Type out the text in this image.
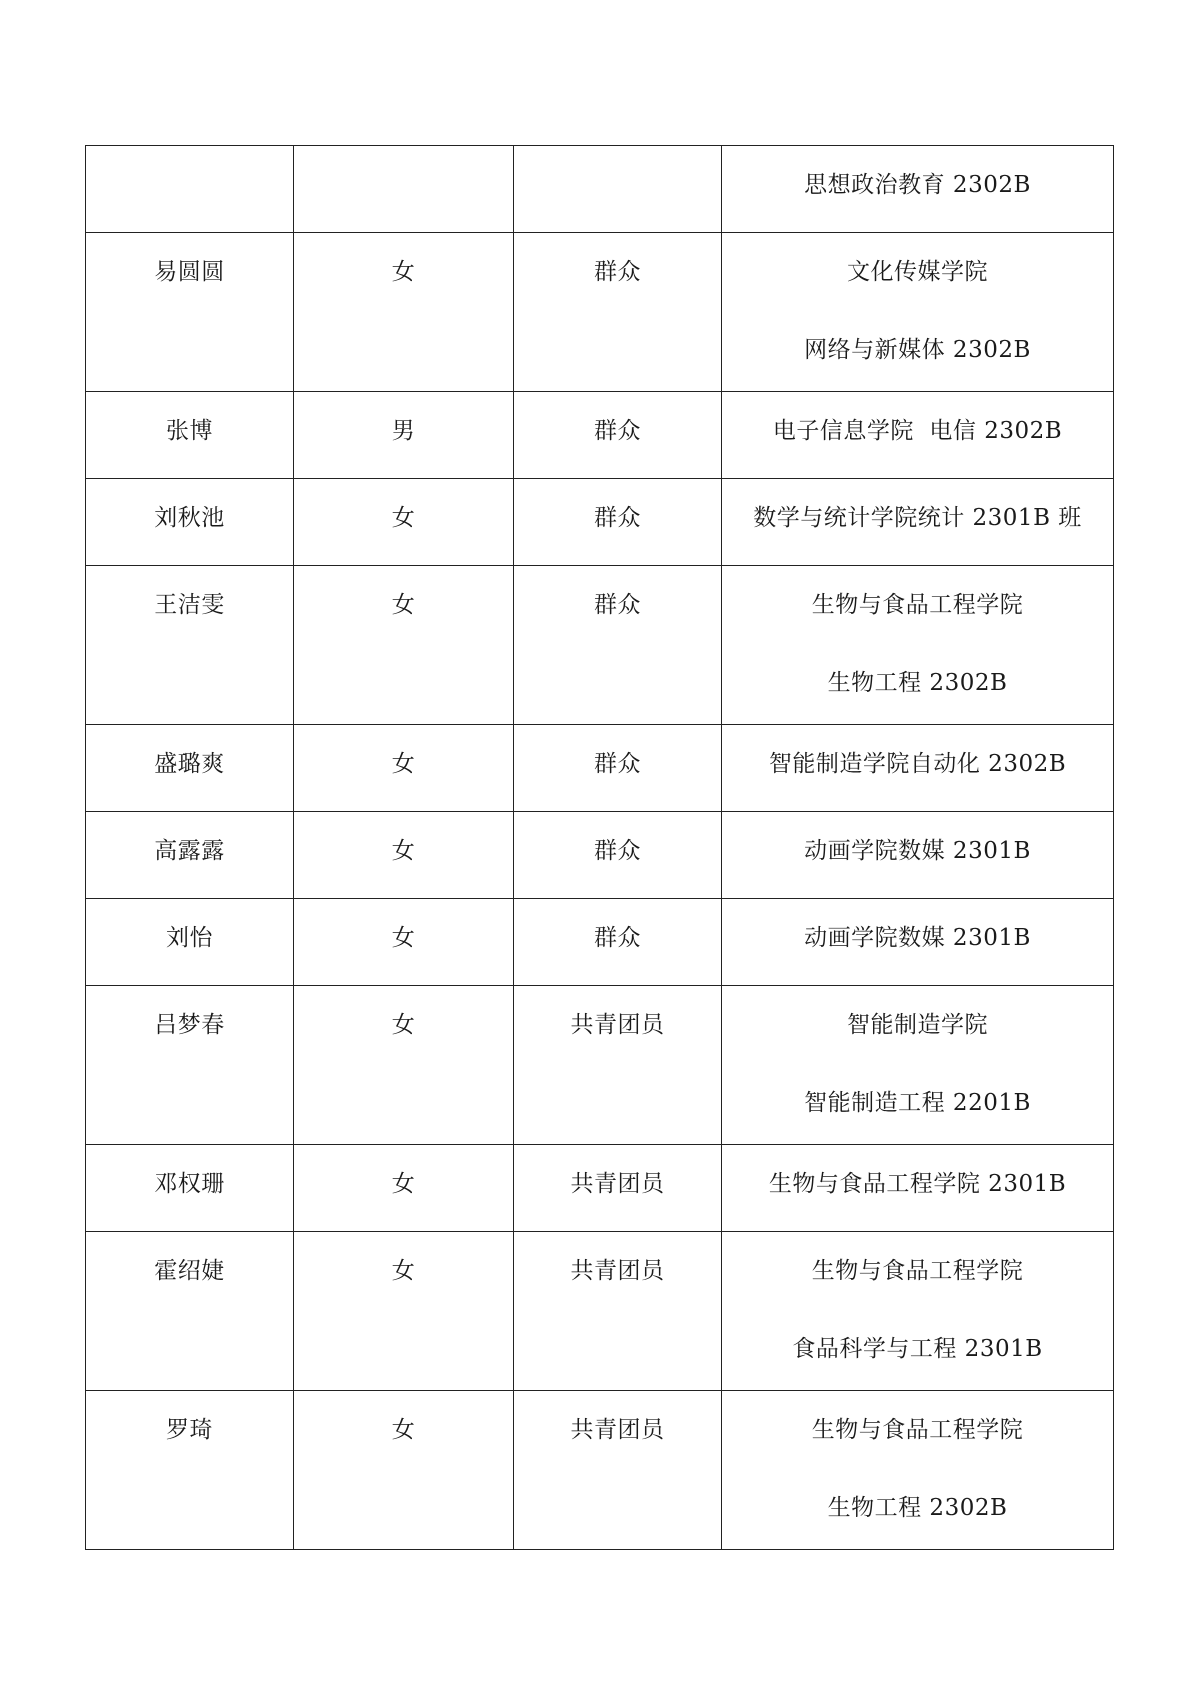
			思想政治教育 2302B

易圆圆	女	群众	文化传媒学院
网络与新媒体 2302B

张博	男	群众	电子信息学院  电信 2302B

刘秋池	女	群众	数学与统计学院统计 2301B 班

王洁雯	女	群众	生物与食品工程学院
生物工程 2302B

盛璐爽	女	群众	智能制造学院自动化 2302B

高露露	女	群众	动画学院数媒 2301B

刘怡	女	群众	动画学院数媒 2301B

吕梦春	女	共青团员	智能制造学院
智能制造工程 2201B

邓权珊	女	共青团员	生物与食品工程学院 2301B

霍绍婕	女	共青团员	生物与食品工程学院
食品科学与工程 2301B

罗琦	女	共青团员	生物与食品工程学院
生物工程 2302B
